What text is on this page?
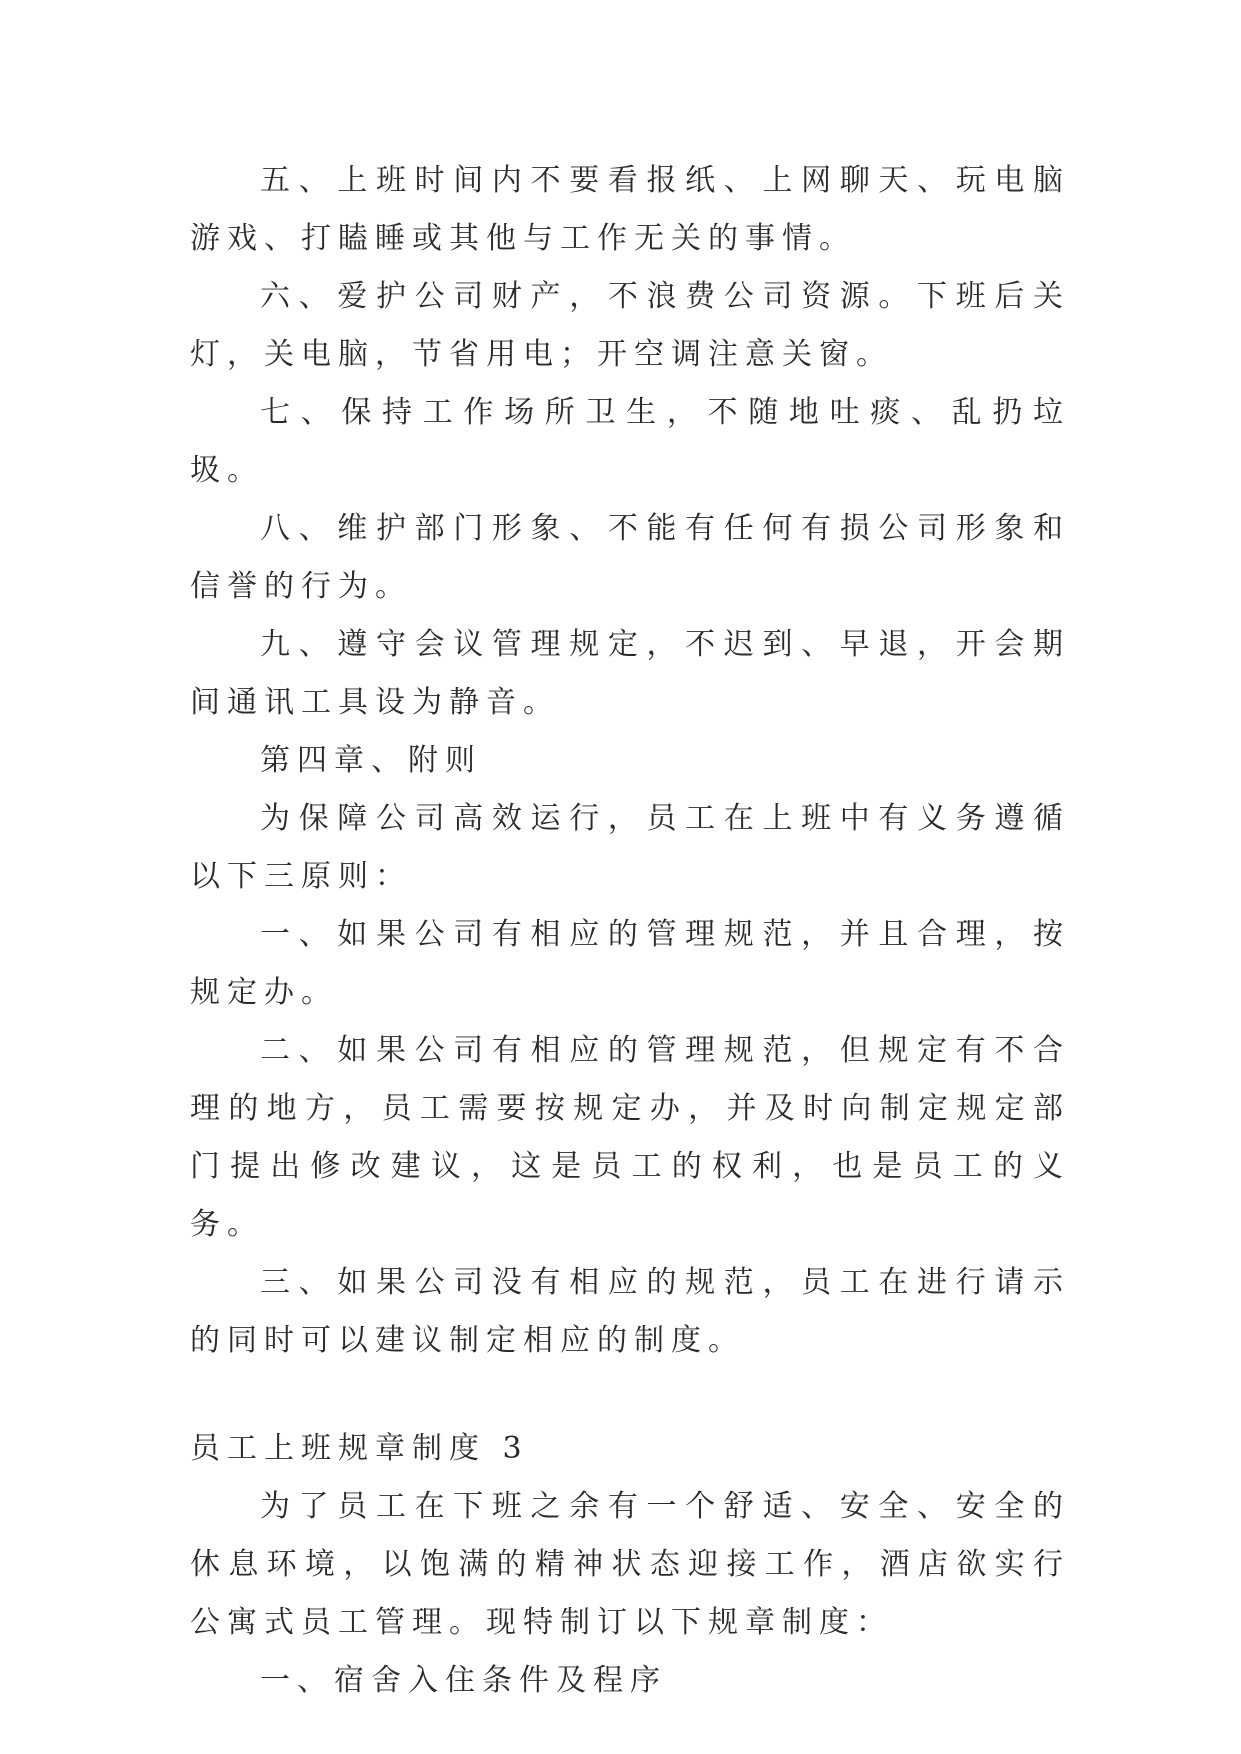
五、上班时间内不要看报纸、上网聊天、玩电脑游戏、打瞌睡或其他与工作无关的事情。

六、爱护公司财产，不浪费公司资源。下班后关灯，关电脑，节省用电；开空调注意关窗。

七、保持工作场所卫生，不随地吐痰、乱扔垃圾。

八、维护部门形象、不能有任何有损公司形象和信誉的行为。

九、遵守会议管理规定，不迟到、早退，开会期间通讯工具设为静音。

第四章、附则

为保障公司高效运行，员工在上班中有义务遵循以下三原则：

一、如果公司有相应的管理规范，并且合理，按规定办。

二、如果公司有相应的管理规范，但规定有不合理的地方，员工需要按规定办，并及时向制定规定部门提出修改建议，这是员工的权利，也是员工的义务。

三、如果公司没有相应的规范，员工在进行请示的同时可以建议制定相应的制度。

员工上班规章制度 3

为了员工在下班之余有一个舒适、安全、安全的休息环境，以饱满的精神状态迎接工作，酒店欲实行公寓式员工管理。现特制订以下规章制度：

一、宿舍入住条件及程序
